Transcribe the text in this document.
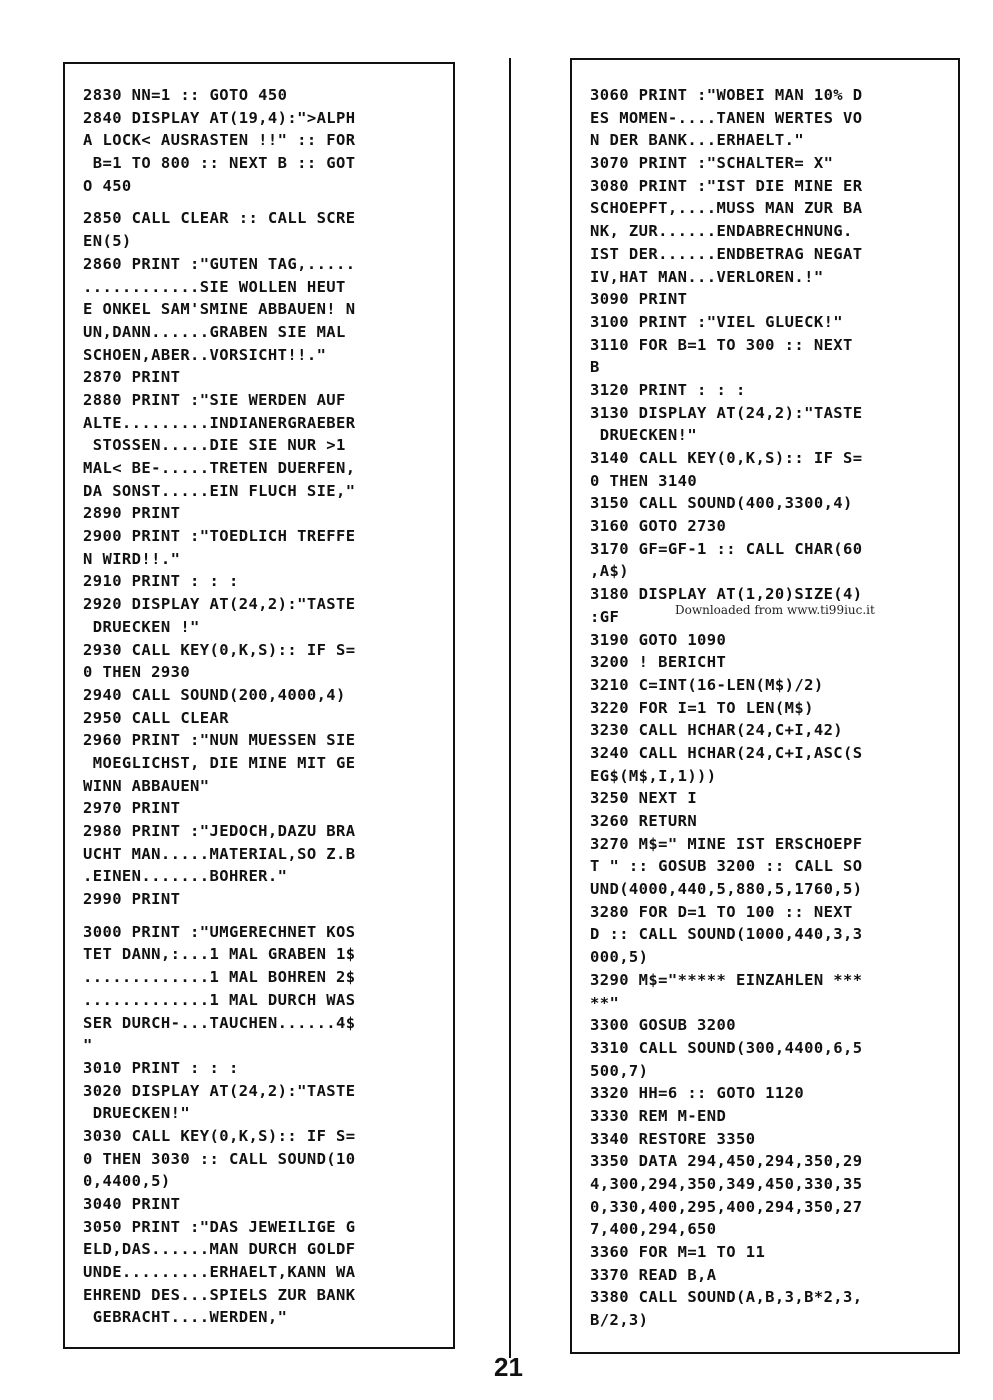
2830 NN=1 :: GOTO 450
2840 DISPLAY AT(19,4):">ALPH
A LOCK< AUSRASTEN !!" :: FOR
B=1 TO 800 :: NEXT B :: GOT
O 450
2850 CALL CLEAR :: CALL SCRE
EN(5)
2860 PRINT :"GUTEN TAG,.....
............SIE WOLLEN HEUT
E ONKEL SAM'SMINE ABBAUEN! N
UN,DANN......GRABEN SIE MAL
SCHOEN,ABER..VORSICHT!!."
2870 PRINT
2880 PRINT :"SIE WERDEN AUF
ALTE.........INDIANERGRAEBER
STOSSEN.....DIE SIE NUR >1
MAL< BE-.....TRETEN DUERFEN,
DA SONST.....EIN FLUCH SIE,"
2890 PRINT
2900 PRINT :"TOEDLICH TREFFE
N WIRD!!."
2910 PRINT : : :
2920 DISPLAY AT(24,2):"TASTE
DRUECKEN !"
2930 CALL KEY(0,K,S):: IF S=
0 THEN 2930
2940 CALL SOUND(200,4000,4)
2950 CALL CLEAR
2960 PRINT :"NUN MUESSEN SIE
MOEGLICHST, DIE MINE MIT GE
WINN ABBAUEN"
2970 PRINT
2980 PRINT :"JEDOCH,DAZU BRA
UCHT MAN.....MATERIAL,SO Z.B
.EINEN.......BOHRER."
2990 PRINT
3000 PRINT :"UMGERECHNET KOS
TET DANN,:...1 MAL GRABEN 1$
.............1 MAL BOHREN 2$
.............1 MAL DURCH WAS
SER DURCH-...TAUCHEN......4$
"
3010 PRINT : : :
3020 DISPLAY AT(24,2):"TASTE
DRUECKEN!"
3030 CALL KEY(0,K,S):: IF S=
0 THEN 3030 :: CALL SOUND(10
0,4400,5)
3040 PRINT
3050 PRINT :"DAS JEWEILIGE G
ELD,DAS......MAN DURCH GOLDF
UNDE.........ERHAELT,KANN WA
EHREND DES...SPIELS ZUR BANK
GEBRACHT....WERDEN,"
3060 PRINT :"WOBEI MAN 10% D
ES MOMEN-....TANEN WERTES VO
N DER BANK...ERHAELT."
3070 PRINT :"SCHALTER= X"
3080 PRINT :"IST DIE MINE ER
SCHOEPFT,....MUSS MAN ZUR BA
NK, ZUR......ENDABRECHNUNG.
IST DER......ENDBETRAG NEGAT
IV,HAT MAN...VERLOREN.!"
3090 PRINT
3100 PRINT :"VIEL GLUECK!"
3110 FOR B=1 TO 300 :: NEXT
B
3120 PRINT : : :
3130 DISPLAY AT(24,2):"TASTE
DRUECKEN!"
3140 CALL KEY(0,K,S):: IF S=
0 THEN 3140
3150 CALL SOUND(400,3300,4)
3160 GOTO 2730
3170 GF=GF-1 :: CALL CHAR(60
,A$)
3180 DISPLAY AT(1,20)SIZE(4)
:GF
3190 GOTO 1090
3200 ! BERICHT
3210 C=INT(16-LEN(M$)/2)
3220 FOR I=1 TO LEN(M$)
3230 CALL HCHAR(24,C+I,42)
3240 CALL HCHAR(24,C+I,ASC(S
EG$(M$,I,1)))
3250 NEXT I
3260 RETURN
3270 M$=" MINE IST ERSCHOEPF
T " :: GOSUB 3200 :: CALL SO
UND(4000,440,5,880,5,1760,5)
3280 FOR D=1 TO 100 :: NEXT
D :: CALL SOUND(1000,440,3,3
000,5)
3290 M$="***** EINZAHLEN ***
**"
3300 GOSUB 3200
3310 CALL SOUND(300,4400,6,5
500,7)
3320 HH=6 :: GOTO 1120
3330 REM M-END
3340 RESTORE 3350
3350 DATA 294,450,294,350,29
4,300,294,350,349,450,330,35
0,330,400,295,400,294,350,27
7,400,294,650
3360 FOR M=1 TO 11
3370 READ B,A
3380 CALL SOUND(A,B,3,B*2,3,
B/2,3)
Downloaded from www.ti99iuc.it
21
